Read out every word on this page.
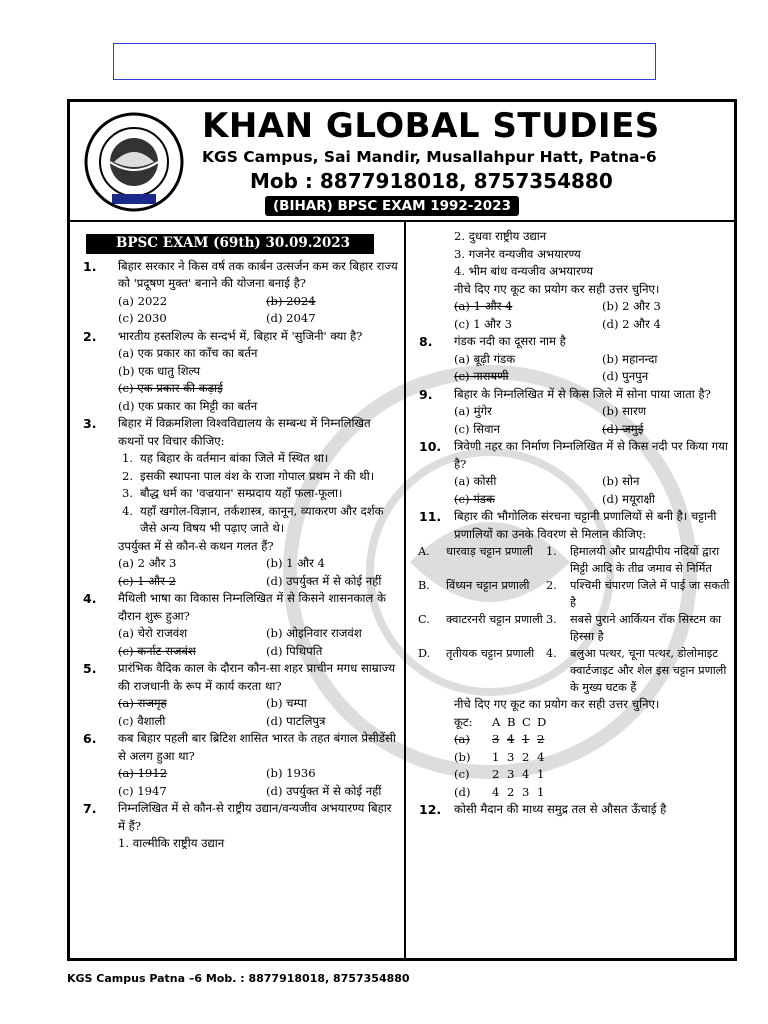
KHAN GLOBAL STUDIES
KGS Campus, Sai Mandir, Musallahpur Hatt, Patna-6
Mob : 8877918018, 8757354880
(BIHAR) BPSC EXAM 1992-2023
BPSC EXAM (69th) 30.09.2023
1. बिहार सरकार ने किस वर्ष तक कार्बन उत्सर्जन कम कर बिहार राज्य को 'प्रदूषण मुक्त' बनाने की योजना बनाई है?
(a) 2022	(b) 2024
(c) 2030	(d) 2047
2. भारतीय हस्तशिल्प के सन्दर्भ में, बिहार में 'सुजिनी' क्या है?
(a) एक प्रकार का काँच का बर्तन
(b) एक धातु शिल्प
(c) एक प्रकार की कढ़ाई
(d) एक प्रकार का मिट्टी का बर्तन
3. बिहार में विक्रमशिला विश्वविद्यालय के सम्बन्ध में निम्नलिखित कथनों पर विचार कीजिए:
1. यह बिहार के वर्तमान बांका जिले में स्थित था।
2. इसकी स्थापना पाल वंश के राजा गोपाल प्रथम ने की थी।
3. बौद्ध धर्म का 'वज्रयान' सम्प्रदाय यहाँ फला-फूला।
4. यहाँ खगोल-विज्ञान, तर्कशास्त्र, कानून, व्याकरण और दर्शक जैसे अन्य विषय भी पढ़ाए जाते थे।
उपर्युक्त में से कौन-से कथन गलत हैं?
(a) 2 और 3	(b) 1 और 4
(c) 1 और 2	(d) उपर्युक्त में से कोई नहीं
4. मैथिली भाषा का विकास निम्नलिखित में से किसने शासनकाल के दौरान शुरू हुआ?
(a) चेरो राजवंश	(b) ओइनिवार राजवंश
(c) कर्नाट राजवंश	(d) पिथिपति
5. प्रारंभिक वैदिक काल के दौरान कौन-सा शहर प्राचीन मगध साम्राज्य की राजधानी के रूप में कार्य करता था?
(a) राजगृह	(b) चम्पा
(c) वैशाली	(d) पाटलिपुत्र
6. कब बिहार पहली बार ब्रिटिश शासित भारत के तहत बंगाल प्रेसीडेंसी से अलग हुआ था?
(a) 1912	(b) 1936
(c) 1947	(d) उपर्युक्त में से कोई नहीं
7. निम्नलिखित में से कौन-से राष्ट्रीय उद्यान/वन्यजीव अभयारण्य बिहार में हैं?
1. वाल्मीकि राष्ट्रीय उद्यान
2. दुधवा राष्ट्रीय उद्यान
3. गजनेर वन्यजीव अभयारण्य
4. भीम बांध वन्यजीव अभयारण्य
नीचे दिए गए कूट का प्रयोग कर सही उत्तर चुनिए।
(a) 1 और 4	(b) 2 और 3
(c) 1 और 3	(d) 2 और 4
8. गंडक नदी का दूसरा नाम है
(a) बूढ़ी गंडक	(b) महानन्दा
(c) नारायणी	(d) पुनपुन
9. बिहार के निम्नलिखित में से किस जिले में सोना पाया जाता है?
(a) मुंगेर	(b) सारण
(c) सिवान	(d) जमुई
10. त्रिवेणी नहर का निर्माण निम्नलिखित में से किस नदी पर किया गया है?
(a) कोसी	(b) सोन
(c) गंडक	(d) मयूराक्षी
11. बिहार की भौगोलिक संरचना चट्टानी प्रणालियों से बनी है। चट्टानी प्रणालियों का उनके विवरण से मिलान कीजिए:
A.	धारवाड़ चट्टान प्रणाली	1.	हिमालयी और प्रायद्वीपीय नदियों द्वारा मिट्टी आदि के तीव्र जमाव से निर्मित
B.	विंध्यन चट्टान प्रणाली	2.	पश्चिमी चंपारण जिले में पाई जा सकती है
C.	क्वाटरनरी चट्टान प्रणाली 3.	सबसे पुराने आर्कियन रॉक सिस्टम का हिस्सा है
D.	तृतीयक चट्टान प्रणाली	4.	बलुआ पत्थर, चूना पत्थर, डोलोमाइट क्वार्टजाइट और शेल इस चट्टान प्रणाली के मुख्य घटक हैं
नीचे दिए गए कूट का प्रयोग कर सही उत्तर चुनिए।
कूट:	A B C D
(a)	3 4 1 2
(b)	1 3 2 4
(c)	2 3 4 1
(d)	4 2 3 1
12. कोसी मैदान की माध्य समुद्र तल से औसत ऊँचाई है
KGS Campus Patna –6 Mob. : 8877918018, 8757354880
